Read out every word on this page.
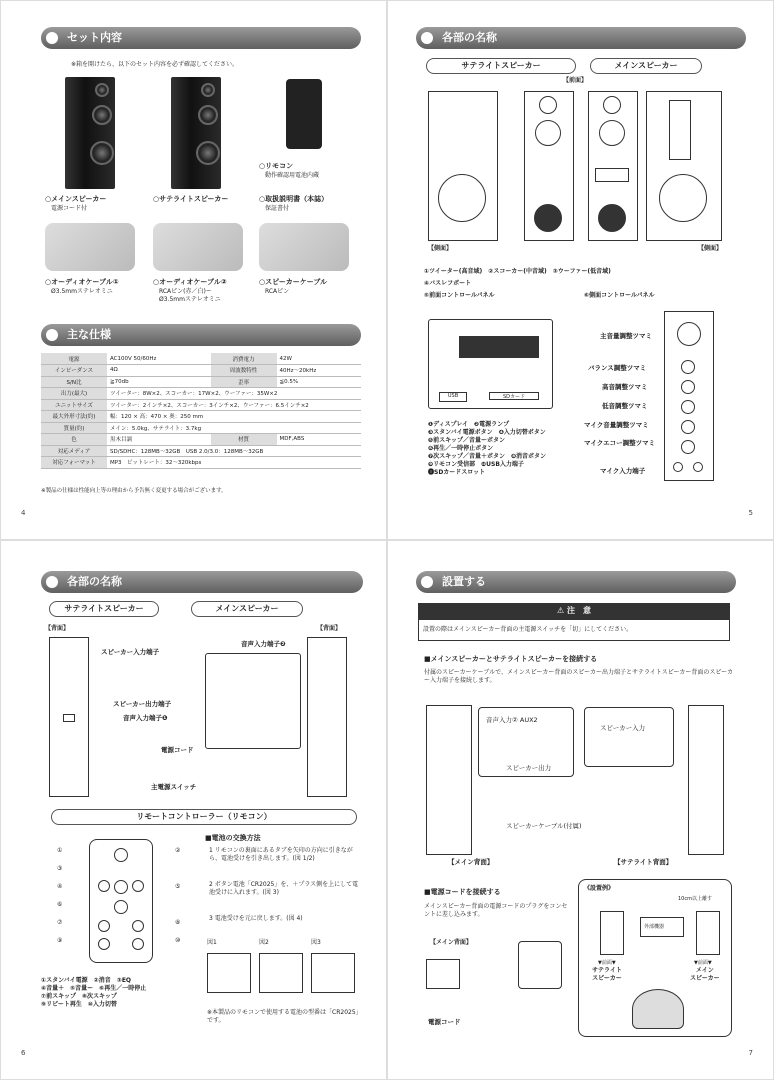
セット内容
※箱を開けたら、以下のセット内容を必ず確認してください。
○メインスピーカー
電源コード付
○サテライトスピーカー
○リモコン
動作確認用電池内蔵
○取扱説明書（本誌）
保証書付
○オーディオケーブル①
Ø3.5mmステレオミニ
○オーディオケーブル②
RCAピン(赤／白)ー
Ø3.5mmステレオミニ
○スピーカーケーブル
RCAピン
主な仕様
電源	AC100V 50/60Hz	消費電力	42W
インピーダンス	4Ω	周波数特性	40Hz〜20kHz
S/N比	≧70db	歪率	≦0.5%
出力(最大)	ツイーター：8W×2、スコーカー：17W×2、ウーファー：35W×2		
ユニットサイズ	ツイーター：2インチ×2、スコーカー：3インチ×2、ウーファー：6.5インチ×2		
最大外形寸法(約)	幅：120 × 高：470 × 奥：250 mm		
質量(約)	メイン：5.0kg、サテライト：3.7kg		
色	黒木目調	材質	MDF,ABS
対応メディア	SD/SDHC：128MB〜32GB　USB 2.0/3.0：128MB〜32GB		
対応フォーマット	MP3　ビットレート：32〜320kbps		
※製品の仕様は性能向上等の理由から予告無く変更する場合がございます。
4
各部の名称
サテライトスピーカー	メインスピーカー
【前面】
【側面】	【側面】
①ツイーター(高音域)　②スコーカー(中音域)　③ウーファー(低音域)
④バスレフポート
⑤前面コントロールパネル	⑥側面コントロールパネル
USB	SDカード
❶ディスプレイ　❷電源ランプ
❸スタンバイ電源ボタン　❹入力切替ボタン
❺前スキップ／音量ーボタン
❻再生／一時停止ボタン
❼次スキップ／音量＋ボタン　❽消音ボタン
❾リモコン受信部　❿USB入力端子
⓫SDカードスロット
主音量調整ツマミ
バランス調整ツマミ
高音調整ツマミ
低音調整ツマミ
マイク音量調整ツマミ
マイクエコー調整ツマミ
マイク入力端子
5
各部の名称
サテライトスピーカー	メインスピーカー
【背面】	【背面】
スピーカー入力端子
音声入力端子❷
スピーカー出力端子
音声入力端子❶
電源コード
主電源スイッチ
リモートコントローラー（リモコン）
①	②
③
④	⑤
⑥
⑦	⑧
⑨	⑩
①スタンバイ電源　②消音　③EQ
④音量＋　⑤音量ー　⑥再生／一時停止
⑦前スキップ　⑧次スキップ
⑨リピート再生　⑩入力切替
■電池の交換方法
1 リモコンの裏面にあるタブを矢印の方向に引きながら、電池受けを引き出します。(図 1/2)
2 ボタン電池「CR2025」を、＋プラス側を上にして電池受けに入れます。(図 3)
3 電池受けを元に戻します。(図 4)
図1	図2	図3
※本製品のリモコンで使用する電池の型番は「CR2025」です。
6
設置する
⚠ 注　意
設置の際はメインスピーカー背面の主電源スイッチを「切」にしてください。
■メインスピーカーとサテライトスピーカーを接続する
付属のスピーカーケーブルで、メインスピーカー背面のスピーカー出力端子とサテライトスピーカー背面のスピーカー入力端子を接続します。
音声入力② AUX2
スピーカー出力
スピーカー入力
スピーカーケーブル(付属)
【メイン背面】	【サテライト背面】
■電源コードを接続する
メインスピーカー背面の電源コードのプラグをコンセントに差し込みます。
【メイン背面】
電源コード
《設置例》
10cm以上離す
外部機器
▼前面▼
サテライト
スピーカー
▼前面▼
メイン
スピーカー
7
